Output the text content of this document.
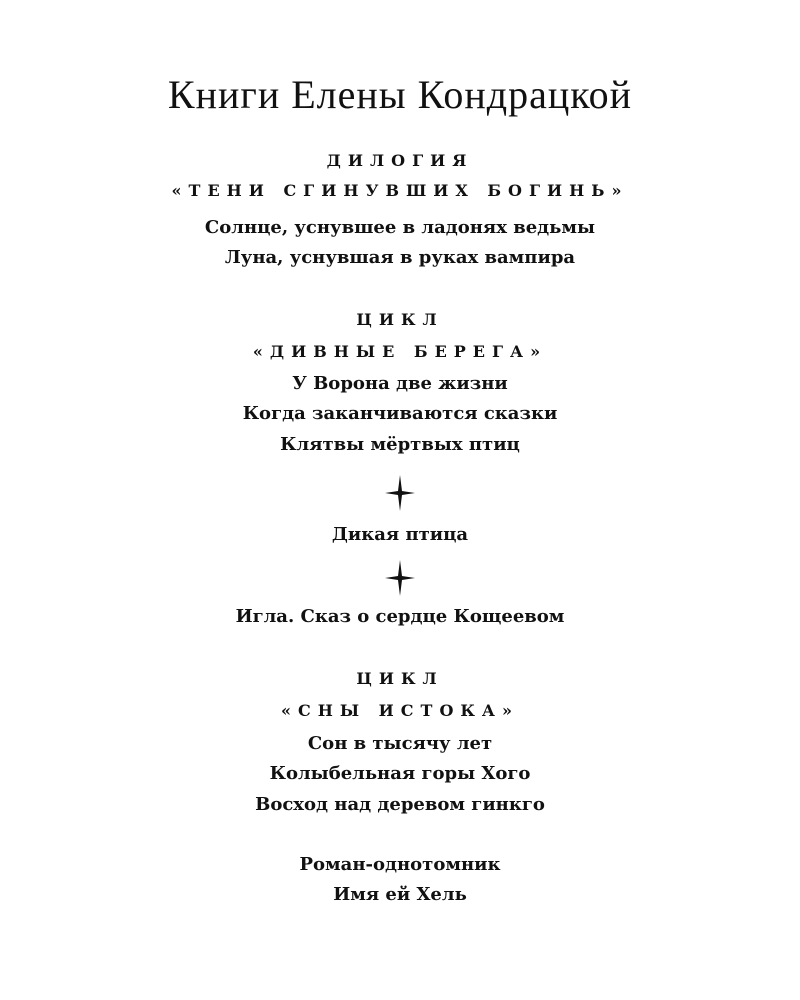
Книги Елены Кондрацкой
ДИЛОГИЯ
«ТЕНИ СГИНУВШИХ БОГИНЬ»
Солнце, уснувшее в ладонях ведьмы
Луна, уснувшая в руках вампира
ЦИКЛ
«ДИВНЫЕ БЕРЕГА»
У Ворона две жизни
Когда заканчиваются сказки
Клятвы мёртвых птиц
Дикая птица
Игла. Сказ о сердце Кощеевом
ЦИКЛ
«СНЫ ИСТОКА»
Сон в тысячу лет
Колыбельная горы Хого
Восход над деревом гинкго
Роман-однотомник
Имя ей Хель
